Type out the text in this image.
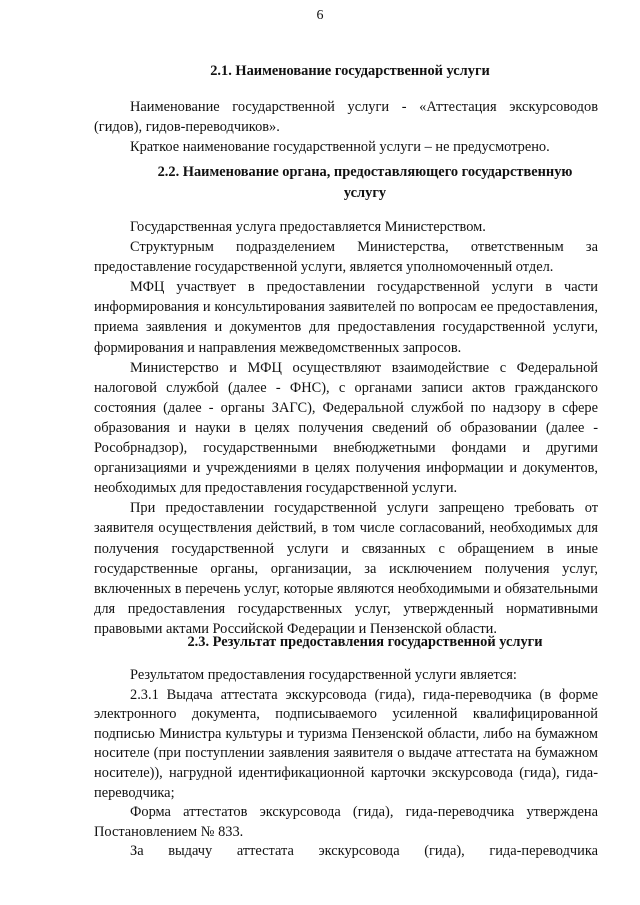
6
2.1. Наименование государственной услуги

Наименование государственной услуги - «Аттестация экскурсоводов (гидов), гидов-переводчиков».

Краткое наименование государственной услуги – не предусмотрено.

2.2. Наименование органа, предоставляющего государственную услугу

Государственная услуга предоставляется Министерством.

Структурным подразделением Министерства, ответственным за предоставление государственной услуги, является уполномоченный отдел.

МФЦ участвует в предоставлении государственной услуги в части информирования и консультирования заявителей по вопросам ее предоставления, приема заявления и документов для предоставления государственной услуги, формирования и направления межведомственных запросов.

Министерство и МФЦ осуществляют взаимодействие с Федеральной налоговой службой (далее - ФНС), с органами записи актов гражданского состояния (далее - органы ЗАГС), Федеральной службой по надзору в сфере образования и науки в целях получения сведений об образовании (далее - Рособрнадзор), государственными внебюджетными фондами и другими организациями и учреждениями в целях получения информации и документов, необходимых для предоставления государственной услуги.

При предоставлении государственной услуги запрещено требовать от заявителя осуществления действий, в том числе согласований, необходимых для получения государственной услуги и связанных с обращением в иные государственные органы, организации, за исключением получения услуг, включенных в перечень услуг, которые являются необходимыми и обязательными для предоставления государственных услуг, утвержденный нормативными правовыми актами Российской Федерации и Пензенской области.

2.3. Результат предоставления государственной услуги

Результатом предоставления государственной услуги является:

2.3.1 Выдача аттестата экскурсовода (гида), гида-переводчика (в форме электронного документа, подписываемого усиленной квалифицированной подписью Министра культуры и туризма Пензенской области, либо на бумажном носителе (при поступлении заявления заявителя о выдаче аттестата на бумажном носителе)), нагрудной идентификационной карточки экскурсовода (гида), гида-переводчика;

Форма аттестатов экскурсовода (гида), гида-переводчика утверждена Постановлением № 833.

За выдачу аттестата экскурсовода (гида), гида-переводчика
